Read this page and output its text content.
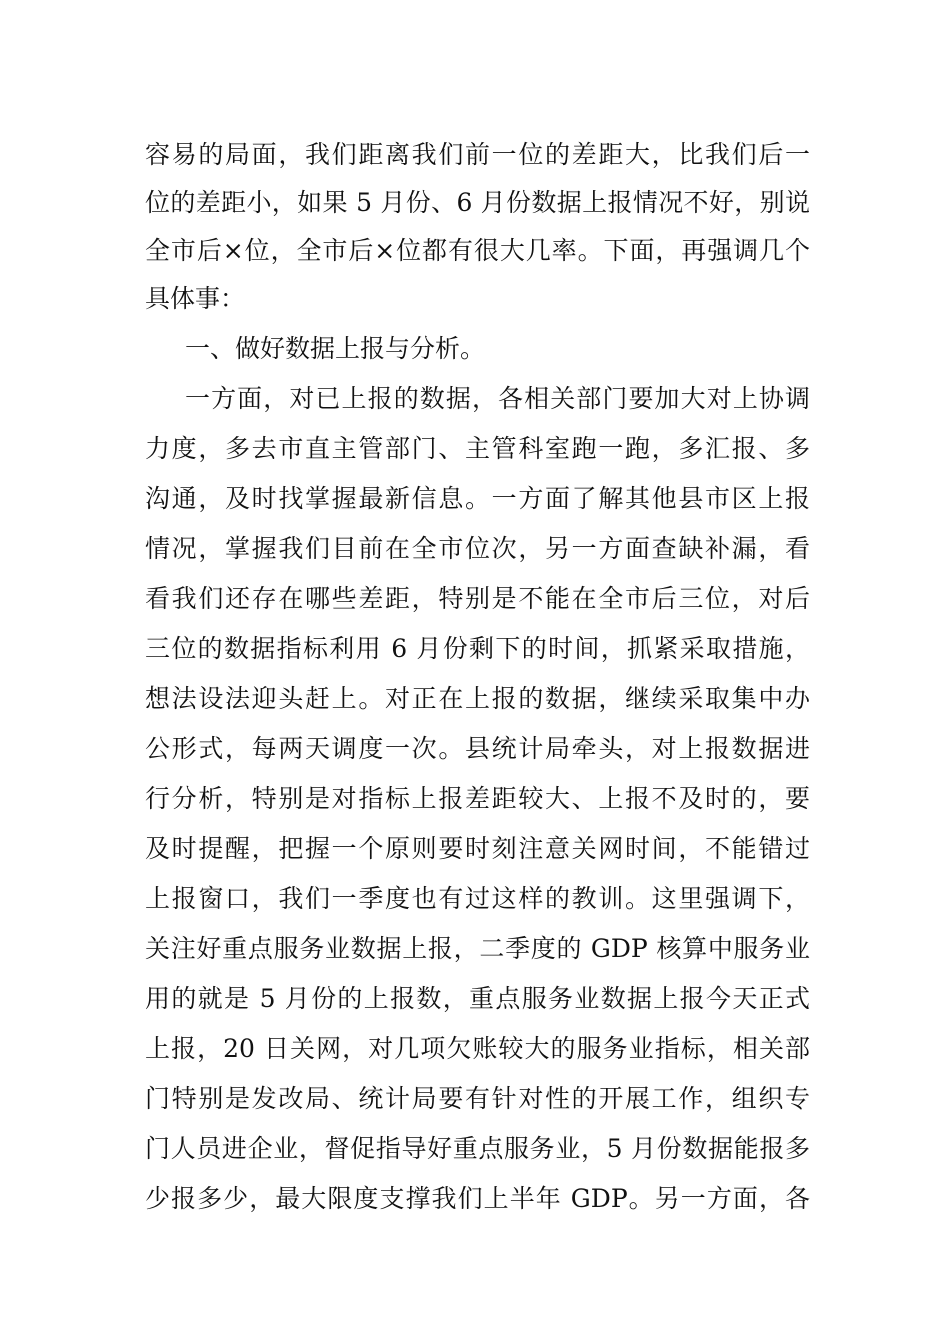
容易的局面，我们距离我们前一位的差距大，比我们后一
位的差距小，如果 5 月份、6 月份数据上报情况不好，别说
全市后×位，全市后×位都有很大几率。下面，再强调几个
具体事：
一、做好数据上报与分析。
一方面，对已上报的数据，各相关部门要加大对上协调
力度，多去市直主管部门、主管科室跑一跑，多汇报、多
沟通，及时找掌握最新信息。一方面了解其他县市区上报
情况，掌握我们目前在全市位次，另一方面查缺补漏，看
看我们还存在哪些差距，特别是不能在全市后三位，对后
三位的数据指标利用 6 月份剩下的时间，抓紧采取措施，
想法设法迎头赶上。对正在上报的数据，继续采取集中办
公形式，每两天调度一次。县统计局牵头，对上报数据进
行分析，特别是对指标上报差距较大、上报不及时的，要
及时提醒，把握一个原则要时刻注意关网时间，不能错过
上报窗口，我们一季度也有过这样的教训。这里强调下，
关注好重点服务业数据上报，二季度的 GDP 核算中服务业
用的就是 5 月份的上报数，重点服务业数据上报今天正式
上报，20 日关网，对几项欠账较大的服务业指标，相关部
门特别是发改局、统计局要有针对性的开展工作，组织专
门人员进企业，督促指导好重点服务业，5 月份数据能报多
少报多少，最大限度支撑我们上半年 GDP。另一方面，各
